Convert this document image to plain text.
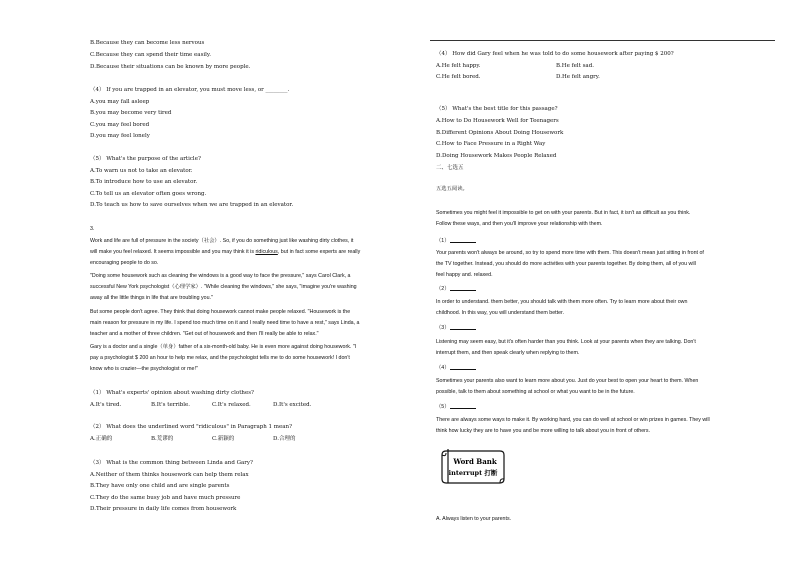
B.Because they can become less nervous
C.Because they can spend their time easily.
D.Because their situations can be known by more people.
（4） If you are trapped in an elevator, you must move less, or ________.
A.you may fall asleep
B.you may become very tired
C.you may feel bored
D.you may feel lonely
（5） What's the purpose of the article?
A.To warn us not to take an elevator.
B.To introduce how to use an elevator.
C.To tell us an elevator often goes wrong.
D.To teach us how to save ourselves when we are trapped in an elevator.
3.
Work and life are full of pressure in the society（社会）. So, if you do something just like washing dirty clothes, it
will make you feel relaxed. It seems impossible and you may think it is ridiculous, but in fact some experts are really
encouraging people to do so.
"Doing some housework such as cleaning the windows is a good way to face the pressure," says Carol Clark, a
successful New York psychologist（心理学家）. "While cleaning the windows," she says, "imagine you're washing
away all the little things in life that are troubling you."
But some people don't agree. They think that doing housework cannot make people relaxed. "Housework is the
main reason for pressure in my life. I spend too much time on it and I really need time to have a rest," says Linda, a
teacher and a mother of three children. "Get out of housework and then I'll really be able to relax."
Gary is a doctor and a single（单身）father of a six-month-old baby. He is even more against doing housework. "I
pay a psychologist $ 200 an hour to help me relax, and the psychologist tells me to do some housework! I don't
know who is crazier—the psychologist or me!"
（1） What's experts' opinion about washing dirty clothes?
A.It's tired.	B.It's terrible.	C.It's relaxed.	D.It's excited.
（2） What does the underlined word "ridiculous" in Paragraph 1 mean?
A.正确的	B.荒谬的	C.新颖的	D.合理的
（3） What is the common thing between Linda and Gary?
A.Neither of them thinks housework can help them relax
B.They have only one child and are single parents
C.They do the same busy job and have much pressure
D.Their pressure in daily life comes from housework
（4） How did Gary feel when he was told to do some housework after paying $ 200?
A.He felt happy.	B.He felt sad.
C.He felt bored.	D.He felt angry.
（5） What's the best title for this passage?
A.How to Do Housework Well for Teenagers
B.Different Opinions About Doing Housework
C.How to Face Pressure in a Right Way
D.Doing Housework Makes People Relaxed
二、七选五
五选五阅读。
Sometimes you might feel it impossible to get on with your parents. But in fact, it isn't as difficult as you think.
Follow these ways, and then you'll improve your relationship with them.
（1）
Your parents won't always be around, so try to spend more time with them. This doesn't mean just sitting in front of
the TV together. Instead, you should do more activities with your parents together. By doing them, all of you will
feel happy and. relaxed.
（2）
In order to understand. them better, you should talk with them more often. Try to learn more about their own
childhood. In this way, you will understand them better.
（3）
Listening may seem easy, but it's often harder than you think. Look at your parents when they are talking. Don't
interrupt them, and then speak clearly when replying to them.
（4）
Sometimes your parents also want to learn more about you. Just do your best to open your heart to them. When
possible, talk to them about something at school or what you want to be in the future.
（5）
There are always some ways to make it. By working hard, you can do well at school or win prizes in games. They will
think how lucky they are to have you and be more willing to talk about you in front of others.
A. Always listen to your parents.
Word Bank
interrupt 打断
